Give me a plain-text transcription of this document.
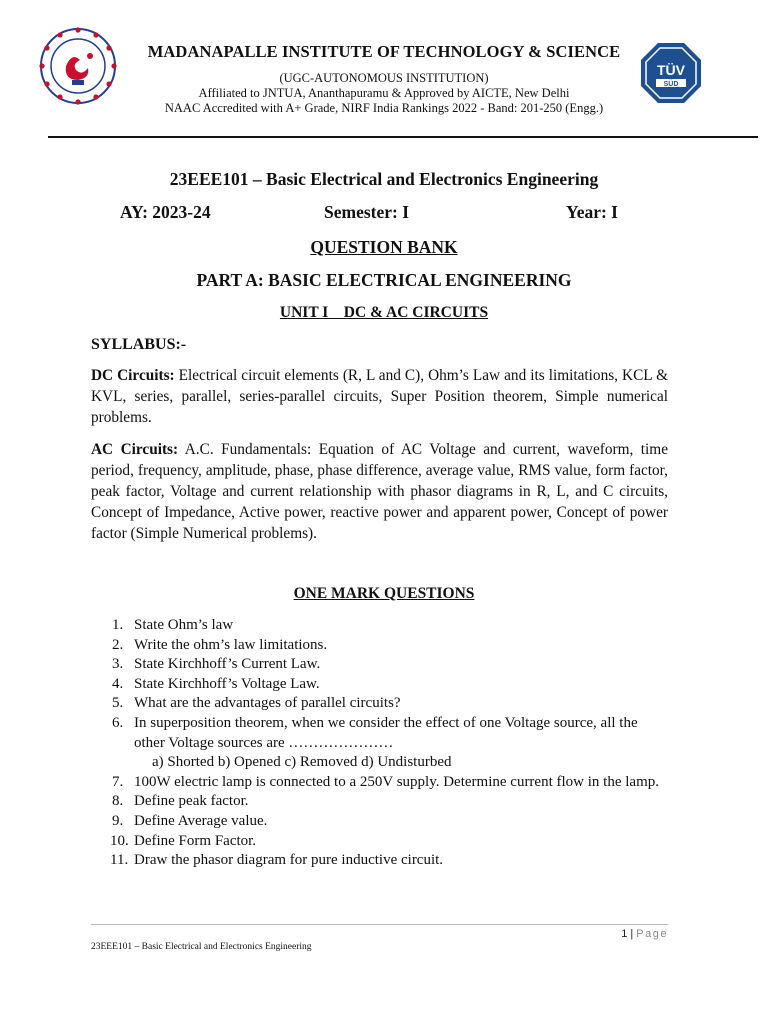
TÜV
SÜD
MADANAPALLE INSTITUTE OF TECHNOLOGY & SCIENCE
(UGC-AUTONOMOUS INSTITUTION)
Affiliated to JNTUA, Ananthapuramu & Approved by AICTE, New Delhi
NAAC Accredited with A+ Grade, NIRF India Rankings 2022 - Band: 201-250 (Engg.)
23EEE101 – Basic Electrical and Electronics Engineering
AY: 2023-24	Semester: I	Year: I
QUESTION BANK
PART A: BASIC ELECTRICAL ENGINEERING
UNIT I    DC & AC CIRCUITS
SYLLABUS:-
DC Circuits: Electrical circuit elements (R, L and C), Ohm’s Law and its limitations, KCL & KVL, series, parallel, series-parallel circuits, Super Position theorem, Simple numerical problems.
AC Circuits: A.C. Fundamentals: Equation of AC Voltage and current, waveform, time period, frequency, amplitude, phase, phase difference, average value, RMS value, form factor, peak factor, Voltage and current relationship with phasor diagrams in R, L, and C circuits, Concept of Impedance, Active power, reactive power and apparent power, Concept of power factor (Simple Numerical problems).
ONE MARK QUESTIONS
1. State Ohm’s law
2. Write the ohm’s law limitations.
3. State Kirchhoff’s Current Law.
4. State Kirchhoff’s Voltage Law.
5. What are the advantages of parallel circuits?
6. In superposition theorem, when we consider the effect of one Voltage source, all the other Voltage sources are …………………
a) Shorted b) Opened c) Removed d) Undisturbed
7. 100W electric lamp is connected to a 250V supply. Determine current flow in the lamp.
8. Define peak factor.
9. Define Average value.
10. Define Form Factor.
11. Draw the phasor diagram for pure inductive circuit.
1 | Page
23EEE101 – Basic Electrical and Electronics Engineering
